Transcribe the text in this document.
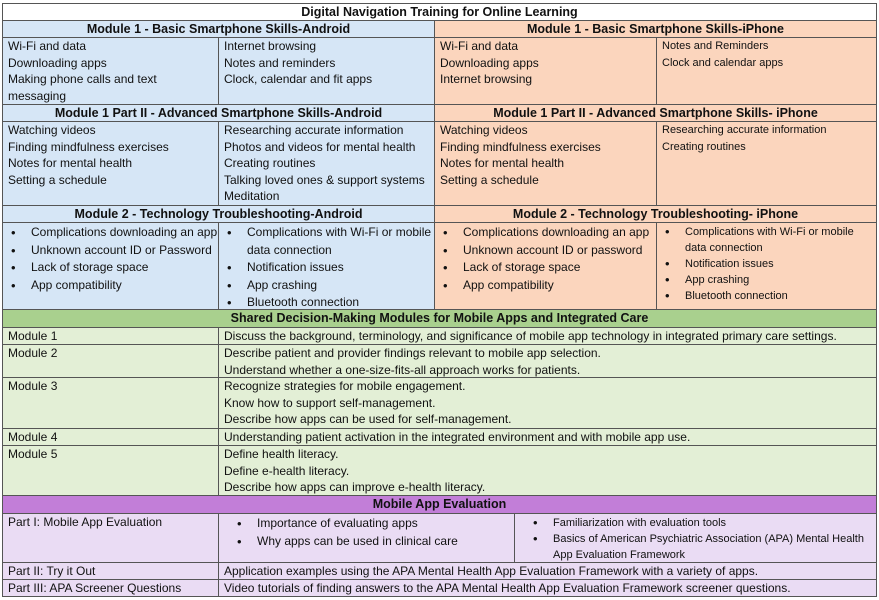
Digital Navigation Training for Online Learning
Module 1 - Basic Smartphone Skills-Android	Module 1 - Basic Smartphone Skills-iPhone
Wi-Fi and data
Downloading apps
Making phone calls and text
messaging
Internet browsing
Notes and reminders
Clock, calendar and fit apps
Wi-Fi and data
Downloading apps
Internet browsing
Notes and Reminders
Clock and calendar apps
Module 1 Part II - Advanced Smartphone Skills-Android	Module 1 Part II - Advanced Smartphone Skills- iPhone
Watching videos
Finding mindfulness exercises
Notes for mental health
Setting a schedule
Researching accurate information
Photos and videos for mental health
Creating routines
Talking loved ones & support systems
Meditation
Watching videos
Finding mindfulness exercises
Notes for mental health
Setting a schedule
Researching accurate information
Creating routines
Module 2 - Technology Troubleshooting-Android	Module 2 - Technology Troubleshooting- iPhone
• Complications downloading an app
• Unknown account ID or Password
• Lack of storage space
• App compatibility
• Complications with Wi-Fi or mobile data connection
• Notification issues
• App crashing
• Bluetooth connection
• Complications downloading an app
• Unknown account ID or password
• Lack of storage space
• App compatibility
• Complications with Wi-Fi or mobile data connection
• Notification issues
• App crashing
• Bluetooth connection
Shared Decision-Making Modules for Mobile Apps and Integrated Care
Module 1	Discuss the background, terminology, and significance of mobile app technology in integrated primary care settings.
Module 2	Describe patient and provider findings relevant to mobile app selection.
Understand whether a one-size-fits-all approach works for patients.
Module 3	Recognize strategies for mobile engagement.
Know how to support self-management.
Describe how apps can be used for self-management.
Module 4	Understanding patient activation in the integrated environment and with mobile app use.
Module 5	Define health literacy.
Define e-health literacy.
Describe how apps can improve e-health literacy.
Mobile App Evaluation
Part I: Mobile App Evaluation
•	Importance of evaluating apps
• Why apps can be used in clinical care
• Familiarization with evaluation tools
• Basics of American Psychiatric Association (APA) Mental Health App Evaluation Framework
Part II: Try it Out	Application examples using the APA Mental Health App Evaluation Framework with a variety of apps.
Part III: APA Screener Questions	Video tutorials of finding answers to the APA Mental Health App Evaluation Framework screener questions.
